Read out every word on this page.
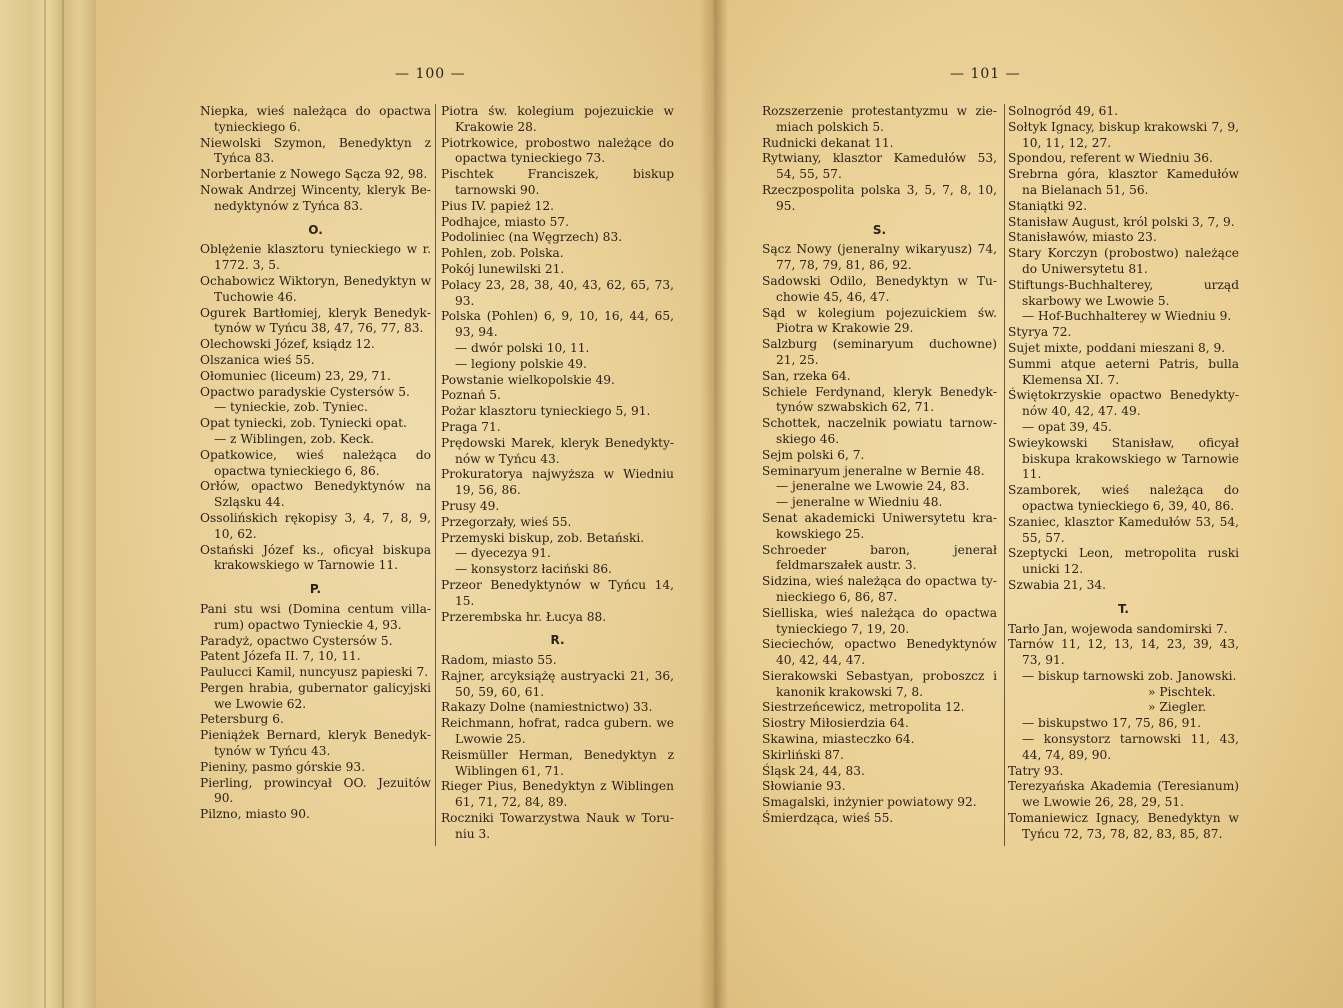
— 100 —	— 101 —
Niepka, wieś należąca do opactwa tynieckiego 6.
Niewolski Szymon, Benedyktyn z Tyńca 83.
Norbertanie z Nowego Sącza 92, 98.
Nowak Andrzej Wincenty, kleryk Benedyktynów z Tyńca 83.
O.
Oblężenie klasztoru tynieckiego w r. 1772. 3, 5.
Ochabowicz Wiktoryn, Benedyktyn w Tuchowie 46.
Ogurek Bartłomiej, kleryk Benedyktynów w Tyńcu 38, 47, 76, 77, 83.
Olechowski Józef, ksiądz 12.
Olszanica wieś 55.
Ołomuniec (liceum) 23, 29, 71.
Opactwo paradyskie Cystersów 5.
— tynieckie, zob. Tyniec.
Opat tyniecki, zob. Tyniecki opat.
— z Wiblingen, zob. Keck.
Opatkowice, wieś należąca do opactwa tynieckiego 6, 86.
Orłów, opactwo Benedyktynów na Szląsku 44.
Ossolińskich rękopisy 3, 4, 7, 8, 9, 10, 62.
Ostański Józef ks., oficyał biskupa krakowskiego w Tarnowie 11.
P.
Pani stu wsi (Domina centum villarum) opactwo Tynieckie 4, 93.
Paradyż, opactwo Cystersów 5.
Patent Józefa II. 7, 10, 11.
Paulucci Kamil, nuncyusz papieski 7.
Pergen hrabia, gubernator galicyjski we Lwowie 62.
Petersburg 6.
Pieniążek Bernard, kleryk Benedyktynów w Tyńcu 43.
Pieniny, pasmo górskie 93.
Pierling, prowincyał OO. Jezuitów 90.
Pilzno, miasto 90.
Piotra św. kolegium pojezuickie w Krakowie 28.
Piotrkowice, probostwo należące do opactwa tynieckiego 73.
Pischtek Franciszek, biskup tarnowski 90.
Pius IV. papież 12.
Podhajce, miasto 57.
Podoliniec (na Węgrzech) 83.
Pohlen, zob. Polska.
Pokój lunewilski 21.
Polacy 23, 28, 38, 40, 43, 62, 65, 73, 93.
Polska (Pohlen) 6, 9, 10, 16, 44, 65, 93, 94.
— dwór polski 10, 11.
— legiony polskie 49.
Powstanie wielkopolskie 49.
Poznań 5.
Pożar klasztoru tynieckiego 5, 91.
Praga 71.
Prędowski Marek, kleryk Benedyktynów w Tyńcu 43.
Prokuratorya najwyższa w Wiedniu 19, 56, 86.
Prusy 49.
Przegorzały, wieś 55.
Przemyski biskup, zob. Betański.
— dyecezya 91.
— konsystorz łaciński 86.
Przeor Benedyktynów w Tyńcu 14, 15.
Przerembska hr. Łucya 88.
R.
Radom, miasto 55.
Rajner, arcyksiążę austryacki 21, 36, 50, 59, 60, 61.
Rakazy Dolne (namiestnictwo) 33.
Reichmann, hofrat, radca gubern. we Lwowie 25.
Reismüller Herman, Benedyktyn z Wiblingen 61, 71.
Rieger Pius, Benedyktyn z Wiblingen 61, 71, 72, 84, 89.
Roczniki Towarzystwa Nauk w Toruniu 3.
Rozszerzenie protestantyzmu w ziemiach polskich 5.
Rudnicki dekanat 11.
Rytwiany, klasztor Kamedułów 53, 54, 55, 57.
Rzeczpospolita polska 3, 5, 7, 8, 10, 95.
S.
Sącz Nowy (jeneralny wikaryusz) 74, 77, 78, 79, 81, 86, 92.
Sadowski Odilo, Benedyktyn w Tuchowie 45, 46, 47.
Sąd w kolegium pojezuickiem św. Piotra w Krakowie 29.
Salzburg (seminaryum duchowne) 21, 25.
San, rzeka 64.
Schiele Ferdynand, kleryk Benedyktynów szwabskich 62, 71.
Schottek, naczelnik powiatu tarnowskiego 46.
Sejm polski 6, 7.
Seminaryum jeneralne w Bernie 48.
— jeneralne we Lwowie 24, 83.
— jeneralne w Wiedniu 48.
Senat akademicki Uniwersytetu krakowskiego 25.
Schroeder baron, jenerał feldmarszałek austr. 3.
Sidzina, wieś należąca do opactwa tynieckiego 6, 86, 87.
Sielliska, wieś należąca do opactwa tynieckiego 7, 19, 20.
Sieciechów, opactwo Benedyktynów 40, 42, 44, 47.
Sierakowski Sebastyan, proboszcz i kanonik krakowski 7, 8.
Siestrzeńcewicz, metropolita 12.
Siostry Miłosierdzia 64.
Skawina, miasteczko 64.
Skirliński 87.
Śląsk 24, 44, 83.
Słowianie 93.
Smagalski, inżynier powiatowy 92.
Śmierdząca, wieś 55.
Solnogród 49, 61.
Sołtyk Ignacy, biskup krakowski 7, 9, 10, 11, 12, 27.
Spondou, referent w Wiedniu 36.
Srebrna góra, klasztor Kamedułów na Bielanach 51, 56.
Staniątki 92.
Stanisław August, król polski 3, 7, 9.
Stanisławów, miasto 23.
Stary Korczyn (probostwo) należące do Uniwersytetu 81.
Stiftungs-Buchhalterey, urząd skarbowy we Lwowie 5.
— Hof-Buchhalterey w Wiedniu 9.
Styrya 72.
Sujet mixte, poddani mieszani 8, 9.
Summi atque aeterni Patris, bulla Klemensa XI. 7.
Świętokrzyskie opactwo Benedyktynów 40, 42, 47. 49.
— opat 39, 45.
Swieykowski Stanisław, oficyał biskupa krakowskiego w Tarnowie 11.
Szamborek, wieś należąca do opactwa tynieckiego 6, 39, 40, 86.
Szaniec, klasztor Kamedułów 53, 54, 55, 57.
Szeptycki Leon, metropolita ruski unicki 12.
Szwabia 21, 34.
T.
Tarło Jan, wojewoda sandomirski 7.
Tarnów 11, 12, 13, 14, 23, 39, 43, 73, 91.
— biskup tarnowski zob. Janowski.
» Pischtek.
» Ziegler.
— biskupstwo 17, 75, 86, 91.
— konsystorz tarnowski 11, 43, 44, 74, 89, 90.
Tatry 93.
Terezyańska Akademia (Teresianum) we Lwowie 26, 28, 29, 51.
Tomaniewicz Ignacy, Benedyktyn w Tyńcu 72, 73, 78, 82, 83, 85, 87.
